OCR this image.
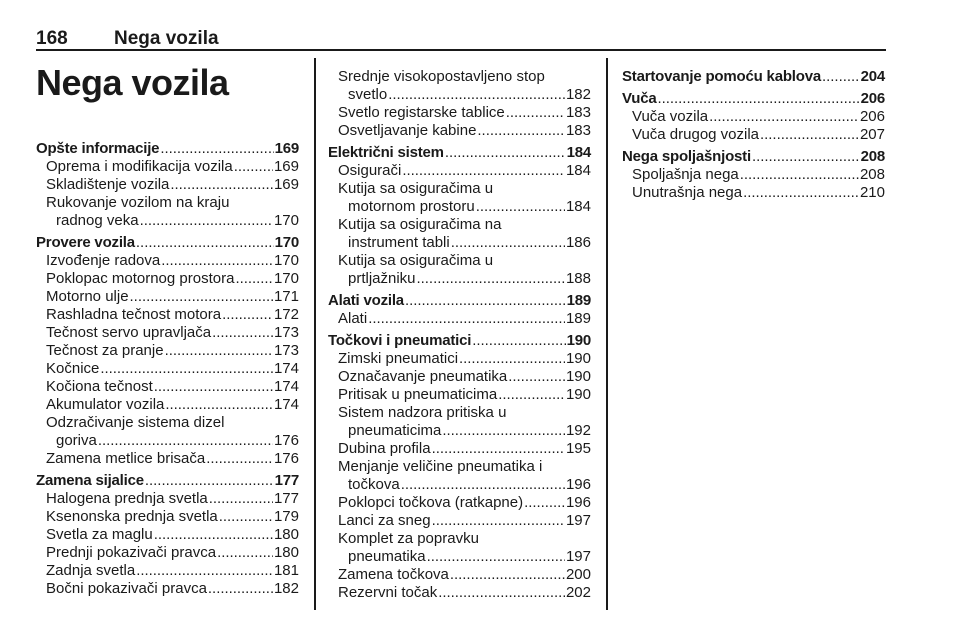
168 Nega vozila
Nega vozila
Opšte informacije . . .	169
Oprema i modifikacija vozila . . .	169
Skladištenje vozila . . .	169
Rukovanje vozilom na kraju
radnog veka . . .	170
Provere vozila . . .	170
Izvođenje radova . . .	170
Poklopac motornog prostora . . .	170
Motorno ulje . . .	171
Rashladna tečnost motora . . .	172
Tečnost servo upravljača . . .	173
Tečnost za pranje . . .	173
Kočnice . . .	174
Kočiona tečnost . . .	174
Akumulator vozila . . .	174
Odzračivanje sistema dizel
goriva . . .	176
Zamena metlice brisača . . .	176
Zamena sijalice . . .	177
Halogena prednja svetla . . .	177
Ksenonska prednja svetla . . .	179
Svetla za maglu . . .	180
Prednji pokazivači pravca . . .	180
Zadnja svetla . . .	181
Bočni pokazivači pravca . . .	182
Srednje visokopostavljeno stop
svetlo . . .	182
Svetlo registarske tablice . . .	183
Osvetljavanje kabine . . .	183
Električni sistem . . .	184
Osigurači . . .	184
Kutija sa osiguračima u
motornom prostoru . . .	184
Kutija sa osiguračima na
instrument tabli . . .	186
Kutija sa osiguračima u
prtljažniku . . .	188
Alati vozila . . .	189
Alati . . .	189
Točkovi i pneumatici . . .	190
Zimski pneumatici . . .	190
Označavanje pneumatika . . .	190
Pritisak u pneumaticima . . .	190
Sistem nadzora pritiska u
pneumaticima . . .	192
Dubina profila . . .	195
Menjanje veličine pneumatika i
točkova . . .	196
Poklopci točkova (ratkapne) . . .	196
Lanci za sneg . . .	197
Komplet za popravku
pneumatika . . .	197
Zamena točkova . . .	200
Rezervni točak . . .	202
Startovanje pomoću kablova . . .	204
Vuča . . .	206
Vuča vozila . . .	206
Vuča drugog vozila . . .	207
Nega spoljašnjosti . . .	208
Spoljašnja nega . . .	208
Unutrašnja nega . . .	210
